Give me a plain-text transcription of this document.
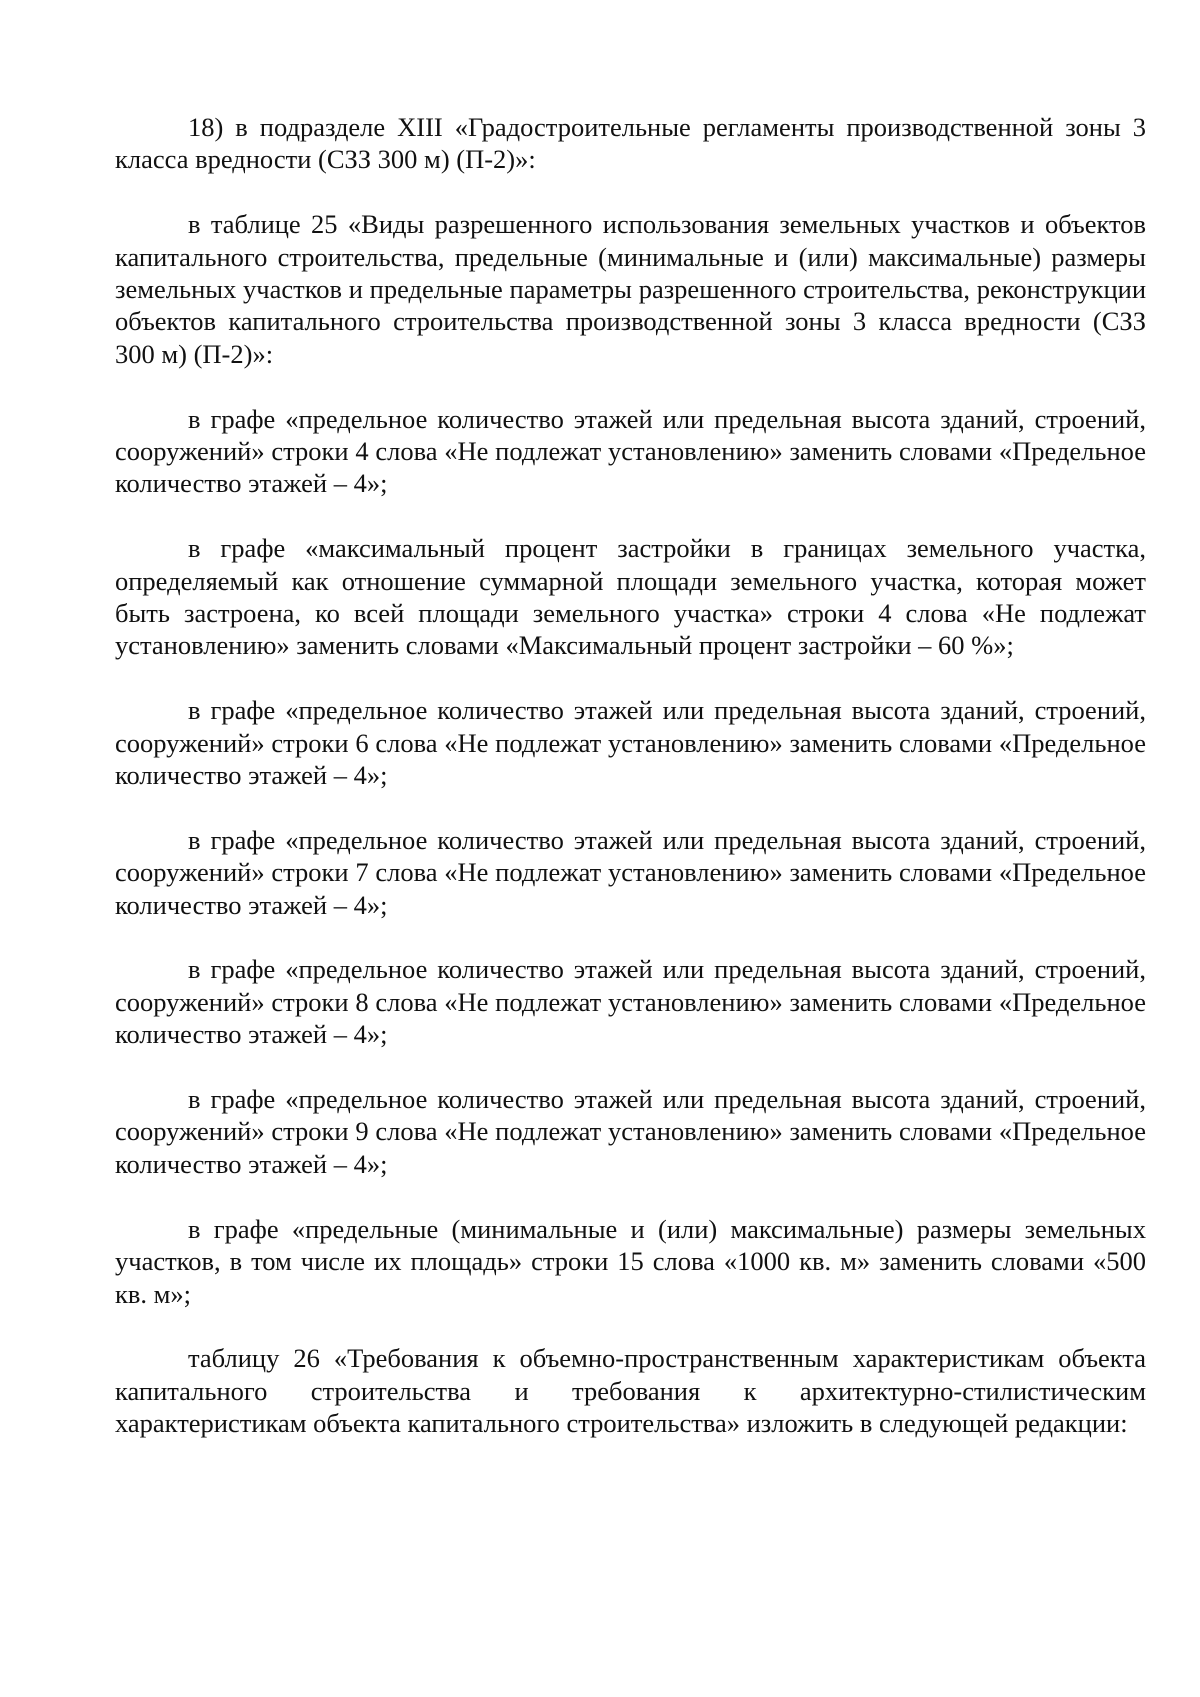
18) в подразделе XIII «Градостроительные регламенты производственной зоны 3 класса вредности (СЗЗ 300 м) (П-2)»:

в таблице 25 «Виды разрешенного использования земельных участков и объектов капитального строительства, предельные (минимальные и (или) максимальные) размеры земельных участков и предельные параметры разрешенного строительства, реконструкции объектов капитального строительства производственной зоны 3 класса вредности (СЗЗ 300 м) (П-2)»:

в графе «предельное количество этажей или предельная высота зданий, строений, сооружений» строки 4 слова «Не подлежат установлению» заменить словами «Предельное количество этажей – 4»;

в графе «максимальный процент застройки в границах земельного участка, определяемый как отношение суммарной площади земельного участка, которая может быть застроена, ко всей площади земельного участка» строки 4 слова «Не подлежат установлению» заменить словами «Максимальный процент застройки – 60 %»;

в графе «предельное количество этажей или предельная высота зданий, строений, сооружений» строки 6 слова «Не подлежат установлению» заменить словами «Предельное количество этажей – 4»;

в графе «предельное количество этажей или предельная высота зданий, строений, сооружений» строки 7 слова «Не подлежат установлению» заменить словами «Предельное количество этажей – 4»;

в графе «предельное количество этажей или предельная высота зданий, строений, сооружений» строки 8 слова «Не подлежат установлению» заменить словами «Предельное количество этажей – 4»;

в графе «предельное количество этажей или предельная высота зданий, строений, сооружений» строки 9 слова «Не подлежат установлению» заменить словами «Предельное количество этажей – 4»;

в графе «предельные (минимальные и (или) максимальные) размеры земельных участков, в том числе их площадь» строки 15 слова «1000 кв. м» заменить словами «500 кв. м»;

таблицу 26 «Требования к объемно-пространственным характеристикам объекта капитального строительства и требования к архитектурно-стилистическим характеристикам объекта капитального строительства» изложить в следующей редакции:
